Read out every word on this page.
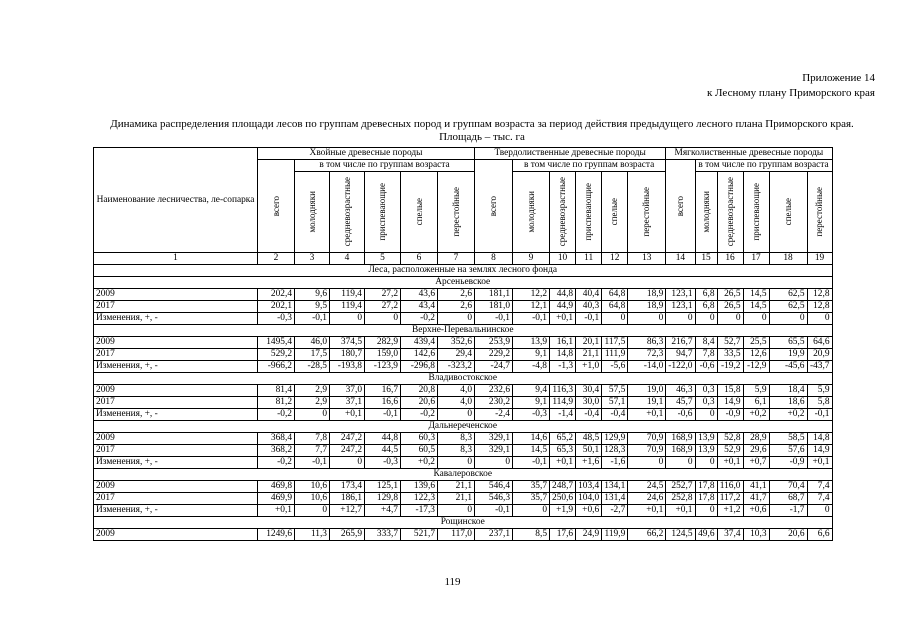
Приложение 14
к Лесному плану Приморского края
Динамика распределения площади лесов по группам древесных пород и группам возраста за период действия предыдущего лесного плана Приморского края. Площадь – тыс. га
Наименование лесничества, ле-сопарка	Хвойные древесные породы						Твердолиственные древесные породы						Мягколиственные древесные породы					

	всего	в том числе по группам возраста					всего	в том числе по группам возраста					всего	в том числе по группам возраста				

		молодняки	средневозрастные	приспевающие	спелые	перестойные		молодняки	средневозрастные	приспевающие	спелые	перестойные		молодняки	средневозрастные	приспевающие	спелые	перестойные

1	2	3	4	5	6	7	8	9	10	11	12	13	14	15	16	17	18	19
Леса, расположенные на землях лесного фонда																		
Арсеньевское																		
2009	202,4	9,6	119,4	27,2	43,6	2,6	181,1	12,2	44,8	40,4	64,8	18,9	123,1	6,8	26,5	14,5	62,5	12,8
2017	202,1	9,5	119,4	27,2	43,4	2,6	181,0	12,1	44,9	40,3	64,8	18,9	123,1	6,8	26,5	14,5	62,5	12,8
Изменения, +, -	-0,3	-0,1	0	0	-0,2	0	-0,1	-0,1	+0,1	-0,1	0	0	0	0	0	0	0	0
Верхне-Перевальнинское																		
2009	1495,4	46,0	374,5	282,9	439,4	352,6	253,9	13,9	16,1	20,1	117,5	86,3	216,7	8,4	52,7	25,5	65,5	64,6
2017	529,2	17,5	180,7	159,0	142,6	29,4	229,2	9,1	14,8	21,1	111,9	72,3	94,7	7,8	33,5	12,6	19,9	20,9
Изменения, +, -	-966,2	-28,5	-193,8	-123,9	-296,8	-323,2	-24,7	-4,8	-1,3	+1,0	-5,6	-14,0	-122,0	-0,6	-19,2	-12,9	-45,6	-43,7
Владивостокское																		
2009	81,4	2,9	37,0	16,7	20,8	4,0	232,6	9,4	116,3	30,4	57,5	19,0	46,3	0,3	15,8	5,9	18,4	5,9
2017	81,2	2,9	37,1	16,6	20,6	4,0	230,2	9,1	114,9	30,0	57,1	19,1	45,7	0,3	14,9	6,1	18,6	5,8
Изменения, +, -	-0,2	0	+0,1	-0,1	-0,2	0	-2,4	-0,3	-1,4	-0,4	-0,4	+0,1	-0,6	0	-0,9	+0,2	+0,2	-0,1
Дальнереченское																		
2009	368,4	7,8	247,2	44,8	60,3	8,3	329,1	14,6	65,2	48,5	129,9	70,9	168,9	13,9	52,8	28,9	58,5	14,8
2017	368,2	7,7	247,2	44,5	60,5	8,3	329,1	14,5	65,3	50,1	128,3	70,9	168,9	13,9	52,9	29,6	57,6	14,9
Изменения, +, -	-0,2	-0,1	0	-0,3	+0,2	0	0	-0,1	+0,1	+1,6	-1,6	0	0	0	+0,1	+0,7	-0,9	+0,1
Кавалеровское																		
2009	469,8	10,6	173,4	125,1	139,6	21,1	546,4	35,7	248,7	103,4	134,1	24,5	252,7	17,8	116,0	41,1	70,4	7,4
2017	469,9	10,6	186,1	129,8	122,3	21,1	546,3	35,7	250,6	104,0	131,4	24,6	252,8	17,8	117,2	41,7	68,7	7,4
Изменения, +, -	+0,1	0	+12,7	+4,7	-17,3	0	-0,1	0	+1,9	+0,6	-2,7	+0,1	+0,1	0	+1,2	+0,6	-1,7	0
Рощинское																		
2009	1249,6	11,3	265,9	333,7	521,7	117,0	237,1	8,5	17,6	24,9	119,9	66,2	124,5	49,6	37,4	10,3	20,6	6,6
119
